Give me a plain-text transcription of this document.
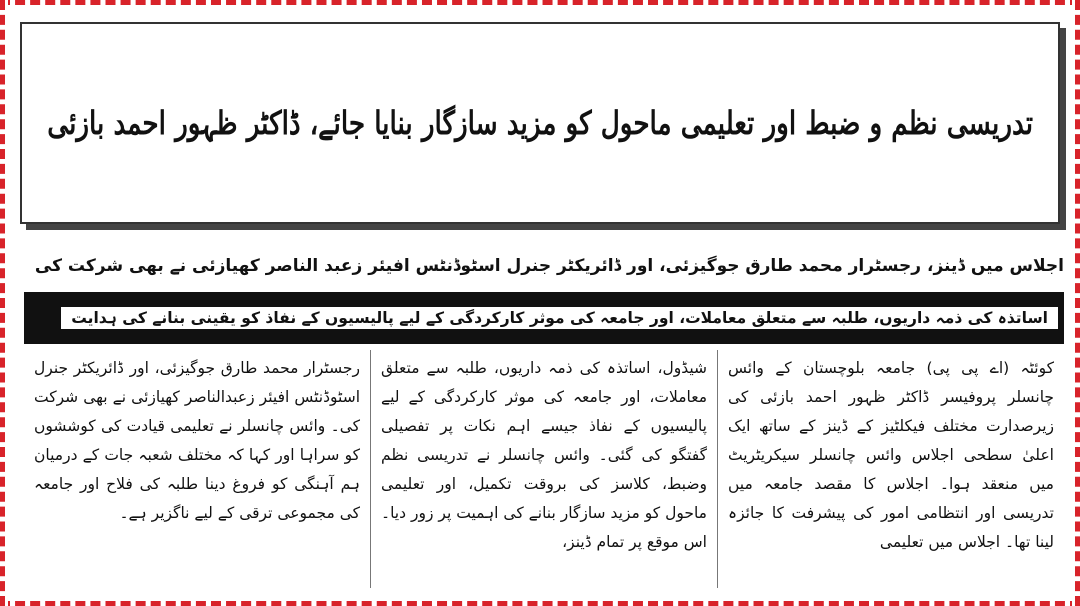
تدریسی نظم و ضبط اور تعلیمی ماحول کو مزید سازگار بنایا جائے، ڈاکٹر ظہور احمد بازئی
اجلاس میں ڈینز، رجسٹرار محمد طارق جوگیزئی، اور ڈائریکٹر جنرل اسٹوڈنٹس افیئر زعبد الناصر کھیازئی نے بھی شرکت کی
اساتذہ کی ذمہ داریوں، طلبہ سے متعلق معاملات، اور جامعہ کی موثر کارکردگی کے لیے پالیسیوں کے نفاذ کو یقینی بنانے کی ہدایت
کوئٹہ (اے پی پی) جامعہ بلوچستان کے وائس چانسلر پروفیسر ڈاکٹر ظہور احمد بازئی کی زیرصدارت مختلف فیکلٹیز کے ڈینز کے ساتھ ایک اعلیٰ سطحی اجلاس وائس چانسلر سیکریٹریٹ میں منعقد ہوا۔ اجلاس کا مقصد جامعہ میں تدریسی اور انتظامی امور کی پیشرفت کا جائزہ لینا تھا۔ اجلاس میں تعلیمی
شیڈول، اساتذہ کی ذمہ داریوں، طلبہ سے متعلق معاملات، اور جامعہ کی موثر کارکردگی کے لیے پالیسیوں کے نفاذ جیسے اہم نکات پر تفصیلی گفتگو کی گئی۔ وائس چانسلر نے تدریسی نظم وضبط، کلاسز کی بروقت تکمیل، اور تعلیمی ماحول کو مزید سازگار بنانے کی اہمیت پر زور دیا۔ اس موقع پر تمام ڈینز،
رجسٹرار محمد طارق جوگیزئی، اور ڈائریکٹر جنرل اسٹوڈنٹس افیئر زعبدالناصر کھیازئی نے بھی شرکت کی۔ وائس چانسلر نے تعلیمی قیادت کی کوششوں کو سراہا اور کہا کہ مختلف شعبہ جات کے درمیان ہم آہنگی کو فروغ دینا طلبہ کی فلاح اور جامعہ کی مجموعی ترقی کے لیے ناگزیر ہے۔
